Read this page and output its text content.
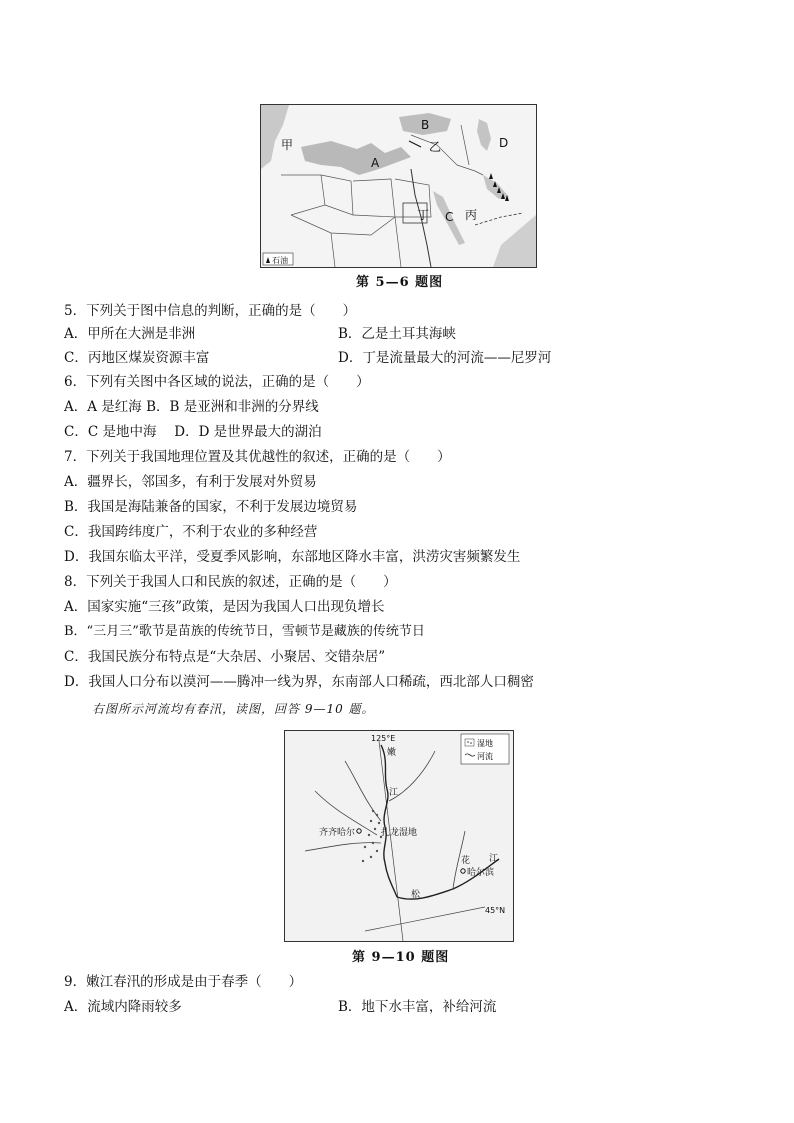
甲
A
B
乙	D
丁 C 丙
石油
第 5—6 题图
5．下列关于图中信息的判断，正确的是（　　）
A．甲所在大洲是非洲	B．乙是土耳其海峡
C．丙地区煤炭资源丰富	D．丁是流量最大的河流——尼罗河
6．下列有关图中各区域的说法，正确的是（　　）
A．A 是红海 B．B 是亚洲和非洲的分界线
C．C 是地中海　 D．D 是世界最大的湖泊
7．下列关于我国地理位置及其优越性的叙述，正确的是（　　）
A．疆界长，邻国多，有利于发展对外贸易
B．我国是海陆兼备的国家，不利于发展边境贸易
C．我国跨纬度广，不利于农业的多种经营
D．我国东临太平洋，受夏季风影响，东部地区降水丰富，洪涝灾害频繁发生
8．下列关于我国人口和民族的叙述，正确的是（　　）
A．国家实施“三孩”政策，是因为我国人口出现负增长
B．“三月三”歌节是苗族的传统节日，雪顿节是藏族的传统节日
C．我国民族分布特点是“大杂居、小聚居、交错杂居”
D．我国人口分布以漠河——腾冲一线为界，东南部人口稀疏，西北部人口稠密
右图所示河流均有春汛，读图，回答 9—10 题。
125°E
嫩
江
齐齐哈尔	扎龙湿地
花 江
松
哈尔滨
45°N
湿地
河流
第 9—10 题图
9．嫩江春汛的形成是由于春季（　　）
A．流域内降雨较多	B．地下水丰富，补给河流
